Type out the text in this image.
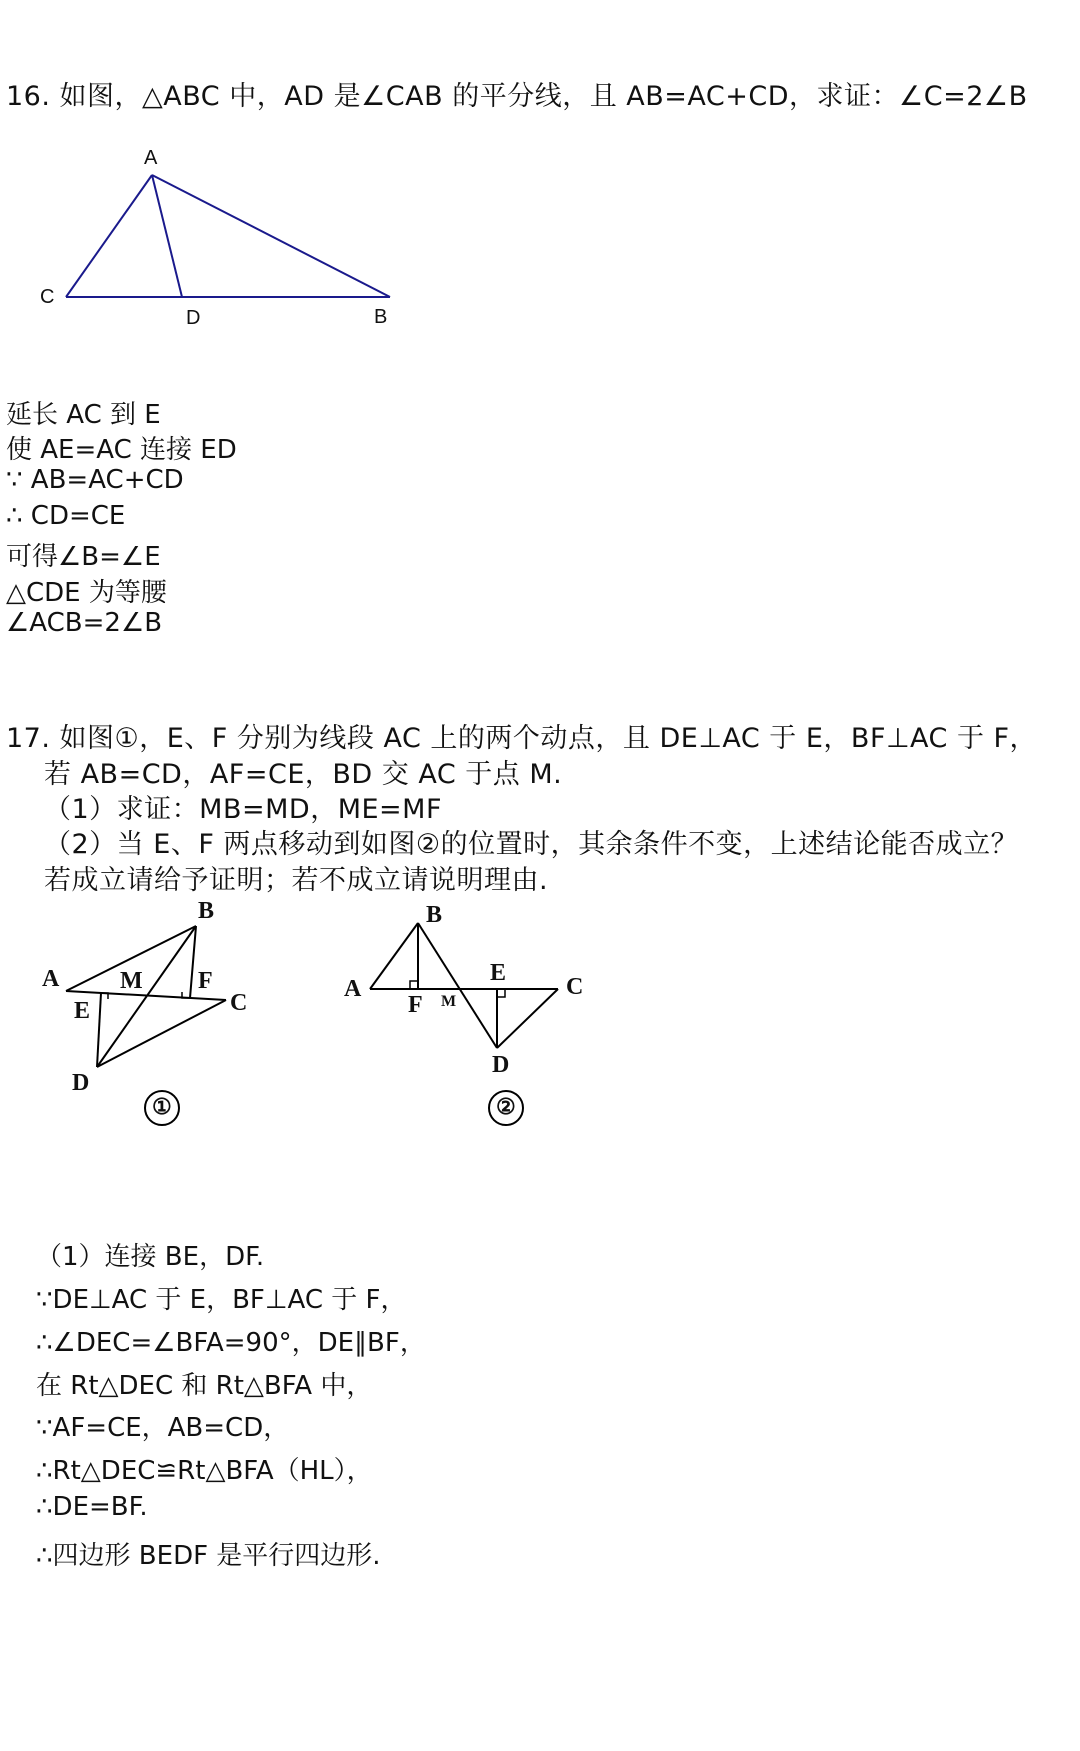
16. 如图，△ABC 中，AD 是∠CAB 的平分线，且 AB=AC+CD，求证：∠C=2∠B
A
C
D	B
延长 AC 到 E
使 AE=AC 连接 ED
∵ AB=AC+CD
∴ CD=CE
可得∠B=∠E
△CDE 为等腰
∠ACB=2∠B
17. 如图①，E、F 分别为线段 AC 上的两个动点，且 DE⊥AC 于 E，BF⊥AC 于 F，
若 AB=CD，AF=CE，BD 交 AC 于点 M.
（1）求证：MB=MD，ME=MF
（2）当 E、F 两点移动到如图②的位置时，其余条件不变，上述结论能否成立？
若成立请给予证明；若不成立请说明理由.
A
B
C
D
E
F
M
①
A
B
C
D
E
F M
②
（1）连接 BE，DF.
∵DE⊥AC 于 E，BF⊥AC 于 F，
∴∠DEC=∠BFA=90°，DE∥BF，
在 Rt△DEC 和 Rt△BFA 中，
∵AF=CE，AB=CD，
∴Rt△DEC≌Rt△BFA（HL），
∴DE=BF.
∴四边形 BEDF 是平行四边形.
